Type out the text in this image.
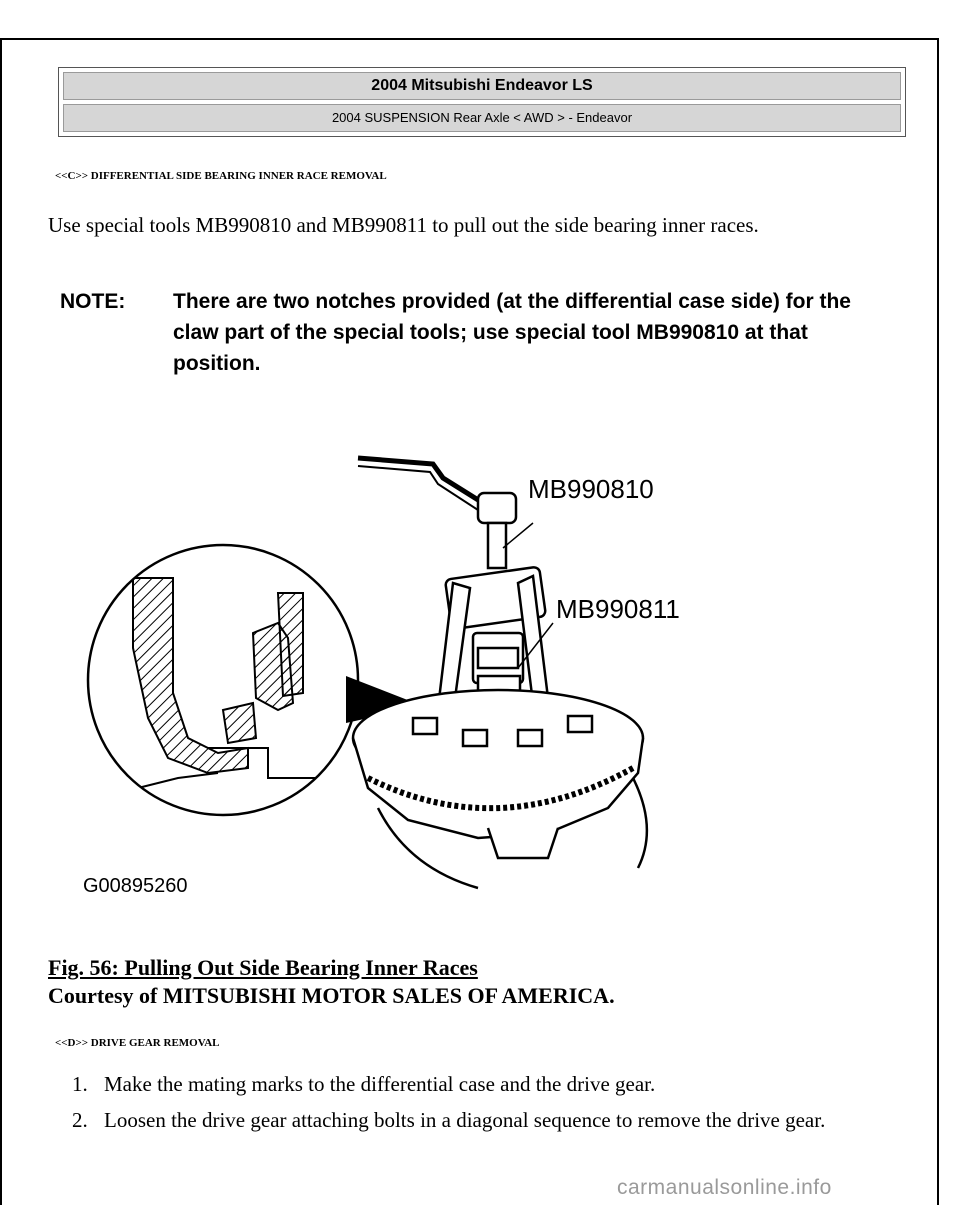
2004 Mitsubishi Endeavor LS
2004 SUSPENSION Rear Axle < AWD > - Endeavor
<<C>> DIFFERENTIAL SIDE BEARING INNER RACE REMOVAL
Use special tools MB990810 and MB990811 to pull out the side bearing inner races.
NOTE: There are two notches provided (at the differential case side) for the claw part of the special tools; use special tool MB990810 at that position.
MB990810
MB990811
G00895260
Fig. 56: Pulling Out Side Bearing Inner Races
Courtesy of MITSUBISHI MOTOR SALES OF AMERICA.
<<D>> DRIVE GEAR REMOVAL
1. Make the mating marks to the differential case and the drive gear.
2. Loosen the drive gear attaching bolts in a diagonal sequence to remove the drive gear.
carmanualsonline.info
